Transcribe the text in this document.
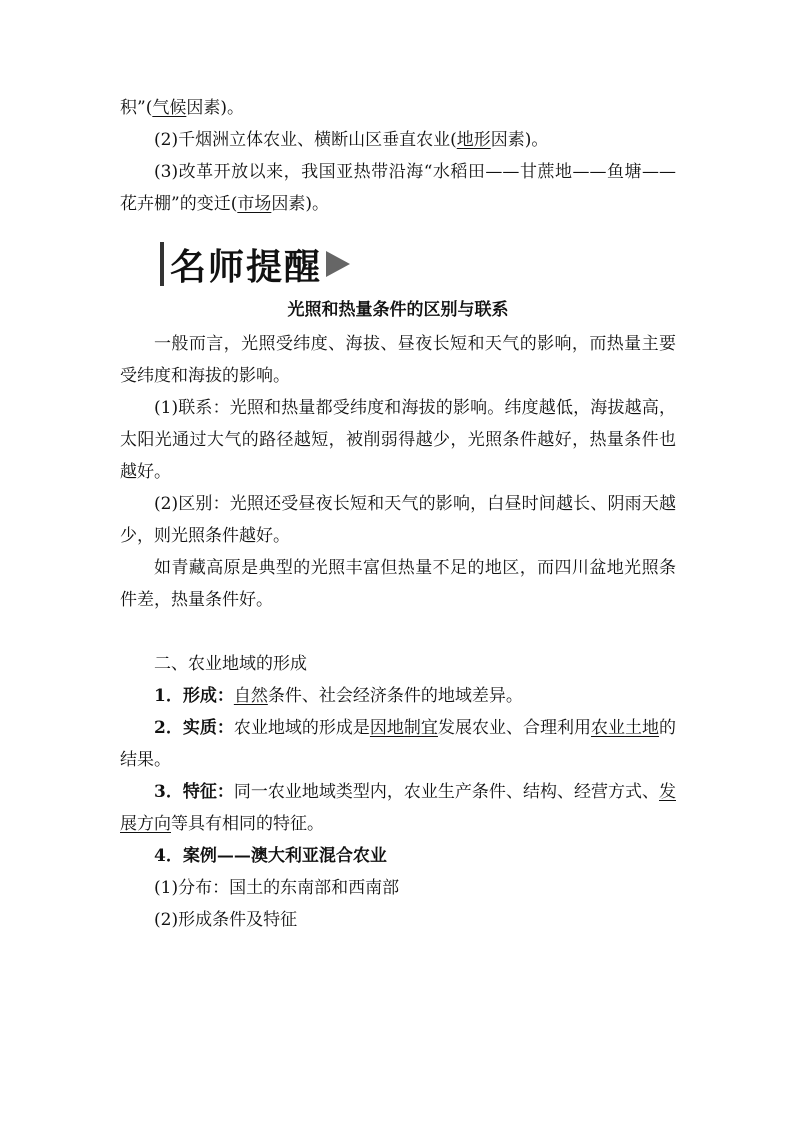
积”(气候因素)。

(2)千烟洲立体农业、横断山区垂直农业(地形因素)。

(3)改革开放以来，我国亚热带沿海“水稻田——甘蔗地——鱼塘——花卉棚”的变迁(市场因素)。

名师提醒

光照和热量条件的区别与联系

一般而言，光照受纬度、海拔、昼夜长短和天气的影响，而热量主要受纬度和海拔的影响。

(1)联系：光照和热量都受纬度和海拔的影响。纬度越低，海拔越高，太阳光通过大气的路径越短，被削弱得越少，光照条件越好，热量条件也越好。

(2)区别：光照还受昼夜长短和天气的影响，白昼时间越长、阴雨天越少，则光照条件越好。

如青藏高原是典型的光照丰富但热量不足的地区，而四川盆地光照条件差，热量条件好。

二、农业地域的形成

1．形成：自然条件、社会经济条件的地域差异。

2．实质：农业地域的形成是因地制宜发展农业、合理利用农业土地的结果。

3．特征：同一农业地域类型内，农业生产条件、结构、经营方式、发展方向等具有相同的特征。

4．案例——澳大利亚混合农业

(1)分布：国土的东南部和西南部

(2)形成条件及特征
